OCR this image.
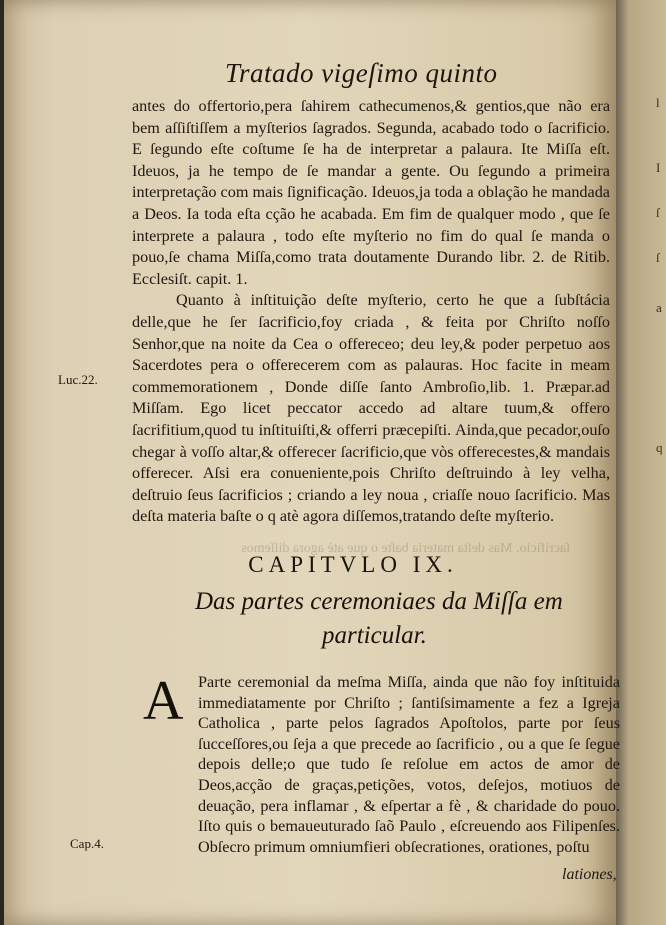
l
I
ſ
ſ
a
q
ſacrificio. Mas deſta materia baſte o que atè agora diſſemos
Tratado vigeſimo quinto
Luc.22.
Cap.4.

antes do offertorio,pera ſahirem cathecumenos,& gentios,que não era bem aſſiſtiſſem a myſterios ſagrados. Segunda, acabado todo o ſacrificio. E ſegundo eſte coſtume ſe ha de interpretar a palaura. Ite Miſſa eſt. Ideuos, ja he tempo de ſe mandar a gente. Ou ſegundo a primeira interpretação com mais ſignificação. Ideuos,ja toda a oblação he mandada a Deos. Ia toda eſta cção he acabada. Em fim de qualquer modo , que ſe interprete a palaura , todo eſte myſterio no fim do qual ſe manda o pouo,ſe chama Miſſa,como trata doutamente Durando libr. 2. de Ritib. Ecclesiſt. capit. 1.

Quanto à inſtituição deſte myſterio, certo he que a ſubſtácia delle,que he ſer ſacrificio,foy criada , & feita por Chriſto noſſo Senhor,que na noite da Cea o offereceo; deu ley,& poder perpetuo aos Sacerdotes pera o offerecerem com as palauras. Hoc facite in meam commemorationem , Donde diſſe ſanto Ambroſio,lib. 1. Præpar.ad Miſſam. Ego licet peccator accedo ad altare tuum,& offero ſacrifitium,quod tu inſtituiſti,& offerri præcepiſti. Ainda,que pecador,ouſo chegar à voſſo altar,& offerecer ſacrificio,que vòs offerecestes,& mandais offerecer. Aſsi era conueniente,pois Chriſto deſtruindo à ley velha, deſtruio ſeus ſacrificios ; criando a ley noua , criaſſe nouo ſacrificio. Mas deſta materia baſte o q atè agora diſſemos,tratando deſte myſterio.

CAPITVLO IX.
Das partes ceremoniaes da Miſſa em
particular.
A Parte ceremonial da meſma Miſſa, ainda que não foy inſtituida immediatamente por Chriſto ; ſantiſsimamente a fez a Igreja Catholica , parte pelos ſagrados Apoſtolos, parte por ſeus ſucceſſores,ou ſeja a que precede ao ſacrificio , ou a que ſe ſegue depois delle;o que tudo ſe reſolue em actos de amor de Deos,acção de graças,petições, votos, deſejos, motiuos de deuação, pera inflamar , & eſpertar a fè , & charidade do pouo. Iſto quis o bemaueuturado ſaõ Paulo , eſcreuendo aos Filipenſes. Obſecro primum omniumfieri obſecrationes, orationes, poſtu

lationes,
